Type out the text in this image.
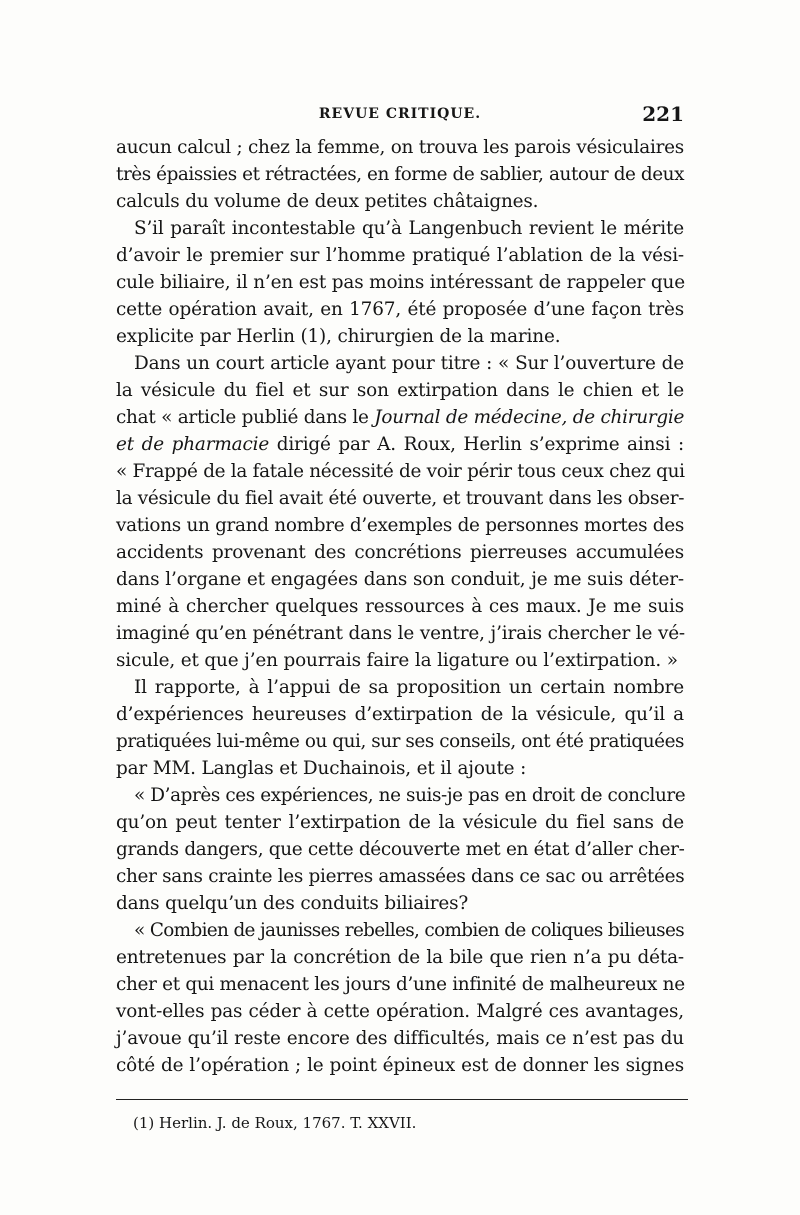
REVUE CRITIQUE.	221
aucun calcul ; chez la femme, on trouva les parois vésiculaires
très épaissies et rétractées, en forme de sablier, autour de deux
calculs du volume de deux petites châtaignes.
S’il paraît incontestable qu’à Langenbuch revient le mérite
d’avoir le premier sur l’homme pratiqué l’ablation de la vési-
cule biliaire, il n’en est pas moins intéressant de rappeler que
cette opération avait, en 1767, été proposée d’une façon très
explicite par Herlin (1), chirurgien de la marine.
Dans un court article ayant pour titre : « Sur l’ouverture de
la vésicule du fiel et sur son extirpation dans le chien et le
chat « article publié dans le Journal de médecine, de chirurgie
et de pharmacie dirigé par A. Roux, Herlin s’exprime ainsi :
« Frappé de la fatale nécessité de voir périr tous ceux chez qui
la vésicule du fiel avait été ouverte, et trouvant dans les obser-
vations un grand nombre d’exemples de personnes mortes des
accidents provenant des concrétions pierreuses accumulées
dans l’organe et engagées dans son conduit, je me suis déter-
miné à chercher quelques ressources à ces maux. Je me suis
imaginé qu’en pénétrant dans le ventre, j’irais chercher le vé-
sicule, et que j’en pourrais faire la ligature ou l’extirpation. »
Il rapporte, à l’appui de sa proposition un certain nombre
d’expériences heureuses d’extirpation de la vésicule, qu’il a
pratiquées lui-même ou qui, sur ses conseils, ont été pratiquées
par MM. Langlas et Duchainois, et il ajoute :
« D’après ces expériences, ne suis-je pas en droit de conclure
qu’on peut tenter l’extirpation de la vésicule du fiel sans de
grands dangers, que cette découverte met en état d’aller cher-
cher sans crainte les pierres amassées dans ce sac ou arrêtées
dans quelqu’un des conduits biliaires?
« Combien de jaunisses rebelles, combien de coliques bilieuses
entretenues par la concrétion de la bile que rien n’a pu déta-
cher et qui menacent les jours d’une infinité de malheureux ne
vont-elles pas céder à cette opération. Malgré ces avantages,
j’avoue qu’il reste encore des difficultés, mais ce n’est pas du
côté de l’opération ; le point épineux est de donner les signes
(1) Herlin. J. de Roux, 1767. T. XXVII.
